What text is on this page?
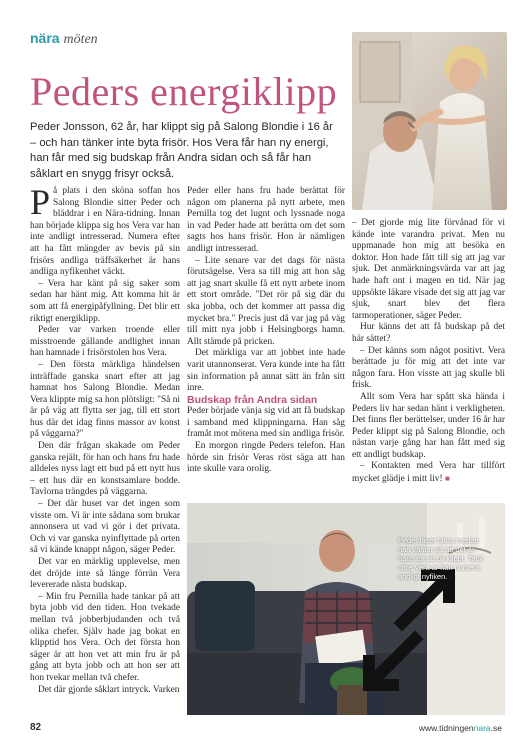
nära möten
Peders energiklipp

Peder Jonsson, 62 år, har klippt sig på Salong Blondie i 16 år – och han tänker inte byta frisör. Hos Vera får han ny energi, han får med sig budskap från Andra sidan och så får han såklart en snygg frisyr också.

På plats i den sköna soffan hos Salong Blondie sitter Peder och bläddrar i en Nära-tidning. Innan han började klippa sig hos Vera var han inte andligt intresserad. Numera efter att ha fått mängder av bevis på sin frisörs andliga träffsäkerhet är hans andliga nyfikenhet väckt.

– Vera har känt på sig saker som sedan har hänt mig. Att komma hit är som att få energipåfyllning. Det blir ett riktigt energiklipp.

Peder var varken troende eller misstroende gällande andlighet innan han hamnade i frisörstolen hos Vera.

– Den första märkliga händelsen inträffade ganska snart efter att jag hamnat hos Salong Blondie. Medan Vera klippte mig sa hon plötsligt: "Så ni är på väg att flytta ser jag, till ett stort hus där det idag finns massor av konst på väggarna?"

Den där frågan skakade om Peder ganska rejält, för han och hans fru hade alldeles nyss lagt ett bud på ett nytt hus – ett hus där en konstsamlare bodde. Tavlorna trängdes på väggarna.

– Det där huset var det ingen som visste om. Vi är inte sådana som brukar annonsera ut vad vi gör i det privata. Och vi var ganska nyinflyttade på orten så vi kände knappt någon, säger Peder.

Det var en märklig upplevelse, men det dröjde inte så länge förrän Vera levererade nästa budskap.

– Min fru Pernilla hade tankar på att byta jobb vid den tiden. Hon tvekade mellan två jobberbjudanden och två olika chefer. Själv hade jag bokat en klipptid hos Vera. Och det första hon säger är att hon vet att min fru är på gång att byta jobb och att hon ser att hon tvekar mellan två chefer.

Det där gjorde såklart intryck. Varken

Peder eller hans fru hade berättat för någon om planerna på nytt arbete, men Pernilla tog det lugnt och lyssnade noga in vad Peder hade att berätta om det som sagts hos hans frisör. Hon är nämligen andligt intresserad.

– Lite senare var det dags för nästa förutsägelse. Vera sa till mig att hon såg att jag snart skulle få ett nytt arbete inom ett stort område. "Det rör på sig där du ska jobba, och det kommer att passa dig mycket bra." Precis just då var jag på väg till mitt nya jobb i Helsingborgs hamn. Allt stämde på pricken.

Det märkliga var att jobbet inte hade varit utannonserat. Vera kunde inte ha fått sin information på annat sätt än från sitt inre.

Budskap från Andra sidan

Peder började vänja sig vid att få budskap i samband med klippningarna. Han såg framåt mot mötena med sin andliga frisör.

En morgon ringde Peders telefon. Han hörde sin frisör Veras röst säga att han inte skulle vara orolig.

– Det gjorde mig lite förvånad för vi kände inte varandra privat. Men nu uppmanade hon mig att besöka en doktor. Hon hade fått till sig att jag var sjuk. Det anmärkningsvärda var att jag hade haft ont i magen en tid. När jag uppsökte läkare visade det sig att jag var sjuk, snart blev det flera tarmoperationer, säger Peder.

Hur känns det att få budskap på det här sättet?

– Det känns som något positivt. Vera berättade ju för mig att det inte var någon fara. Hon visste att jag skulle bli frisk.

Allt som Vera har spått ska hända i Peders liv har sedan hänt i verkligheten. Det finns fler berättelser, under 16 år har Peder klippt sig på Salong Blondie, och nästan varje gång har han fått med sig ett andligt budskap.

– Kontakten med Vera har tillfört mycket glädje i mitt liv! ■

Peder läser Nära medan han väntar på att det är hans tur att bli klippt. Tack vare Vera är han numera andligt nyfiken.
82	www.tidningennara.se
